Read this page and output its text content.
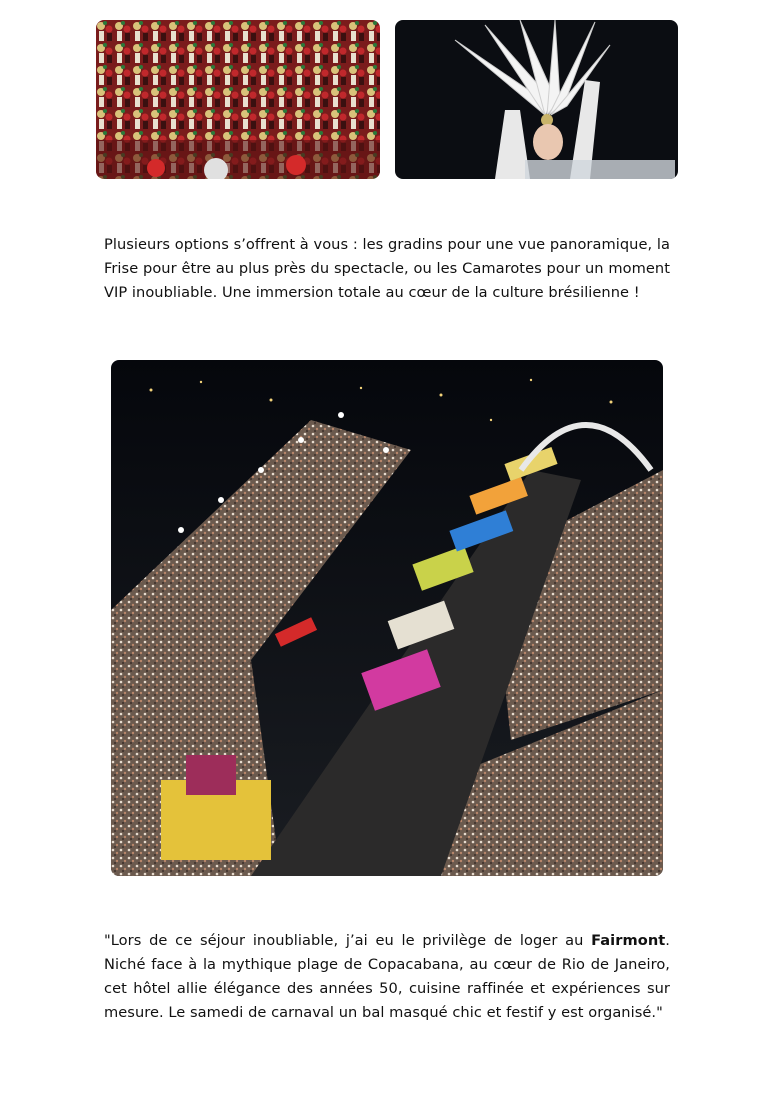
Plusieurs options s’offrent à vous : les gradins pour une vue panoramique, la Frise pour être au plus près du spectacle, ou les Camarotes pour un moment VIP inoubliable. Une immersion totale au cœur de la culture brésilienne !

"Lors de ce séjour inoubliable, j’ai eu le privilège de loger au Fairmont. Niché face à la mythique plage de Copacabana, au cœur de Rio de Janeiro, cet hôtel allie élégance des années 50, cuisine raffinée et expériences sur mesure. Le samedi de carnaval un bal masqué chic et festif y est organisé."
